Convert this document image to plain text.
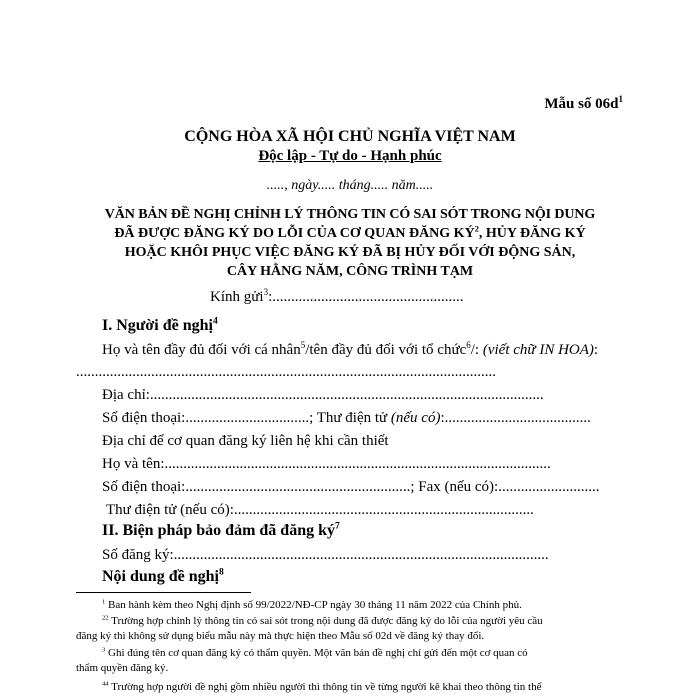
Mẫu số $06d^1$
CỘNG HÒA XÃ HỘI CHỦ NGHĨA VIỆT NAM
Độc lập - Tự do - Hạnh phúc
....., ngày..... tháng..... năm.....
VĂN BẢN ĐỀ NGHỊ CHỈNH LÝ THÔNG TIN CÓ SAI SÓT TRONG NỘI DUNG
ĐÃ ĐƯỢC ĐĂNG KÝ DO LỖI CỦA CƠ QUAN ĐĂNG $KÝ^2$, HỦY ĐĂNG KÝ
HOẶC KHÔI PHỤC VIỆC ĐĂNG KÝ ĐÃ BỊ HỦY ĐỐI VỚI ĐỘNG SẢN,
CÂY HẰNG NĂM, CÔNG TRÌNH TẠM
Kính gửi$^3$:...................................................
I. Người đề nghị$^4$
Họ và tên đầy đủ đối với cá nhân$^5$/tên đầy đủ đối với tổ chức$^6$/: (viết chữ IN HOA):
................................................................................................................
Địa chỉ:.........................................................................................................
Số điện thoại:.................................; Thư điện tử (nếu có):.......................................
Địa chỉ để cơ quan đăng ký liên hệ khi cần thiết
Họ và tên:.......................................................................................................
Số điện thoại:............................................................; Fax (nếu có):...........................
Thư điện tử (nếu có):................................................................................
II. Biện pháp bảo đảm đã đăng $ký^7$
Số đăng ký:....................................................................................................
Nội dung đề nghị$^8$
$^1$ Ban hành kèm theo Nghị định số 99/2022/NĐ-CP ngày 30 tháng 11 năm 2022 của Chính phủ.
$^{22}$ Trường hợp chỉnh lý thông tin có sai sót trong nội dung đã được đăng ký do lỗi của người yêu cầu
đăng ký thì không sử dụng biểu mẫu này mà thực hiện theo Mẫu số 02d về đăng ký thay đổi.
$^3$ Ghi đúng tên cơ quan đăng ký có thẩm quyền. Một văn bản đề nghị chỉ gửi đến một cơ quan có
thẩm quyền đăng ký.
$^{44}$ Trường hợp người đề nghị gồm nhiều người thì thông tin về từng người kê khai theo thông tin thể
